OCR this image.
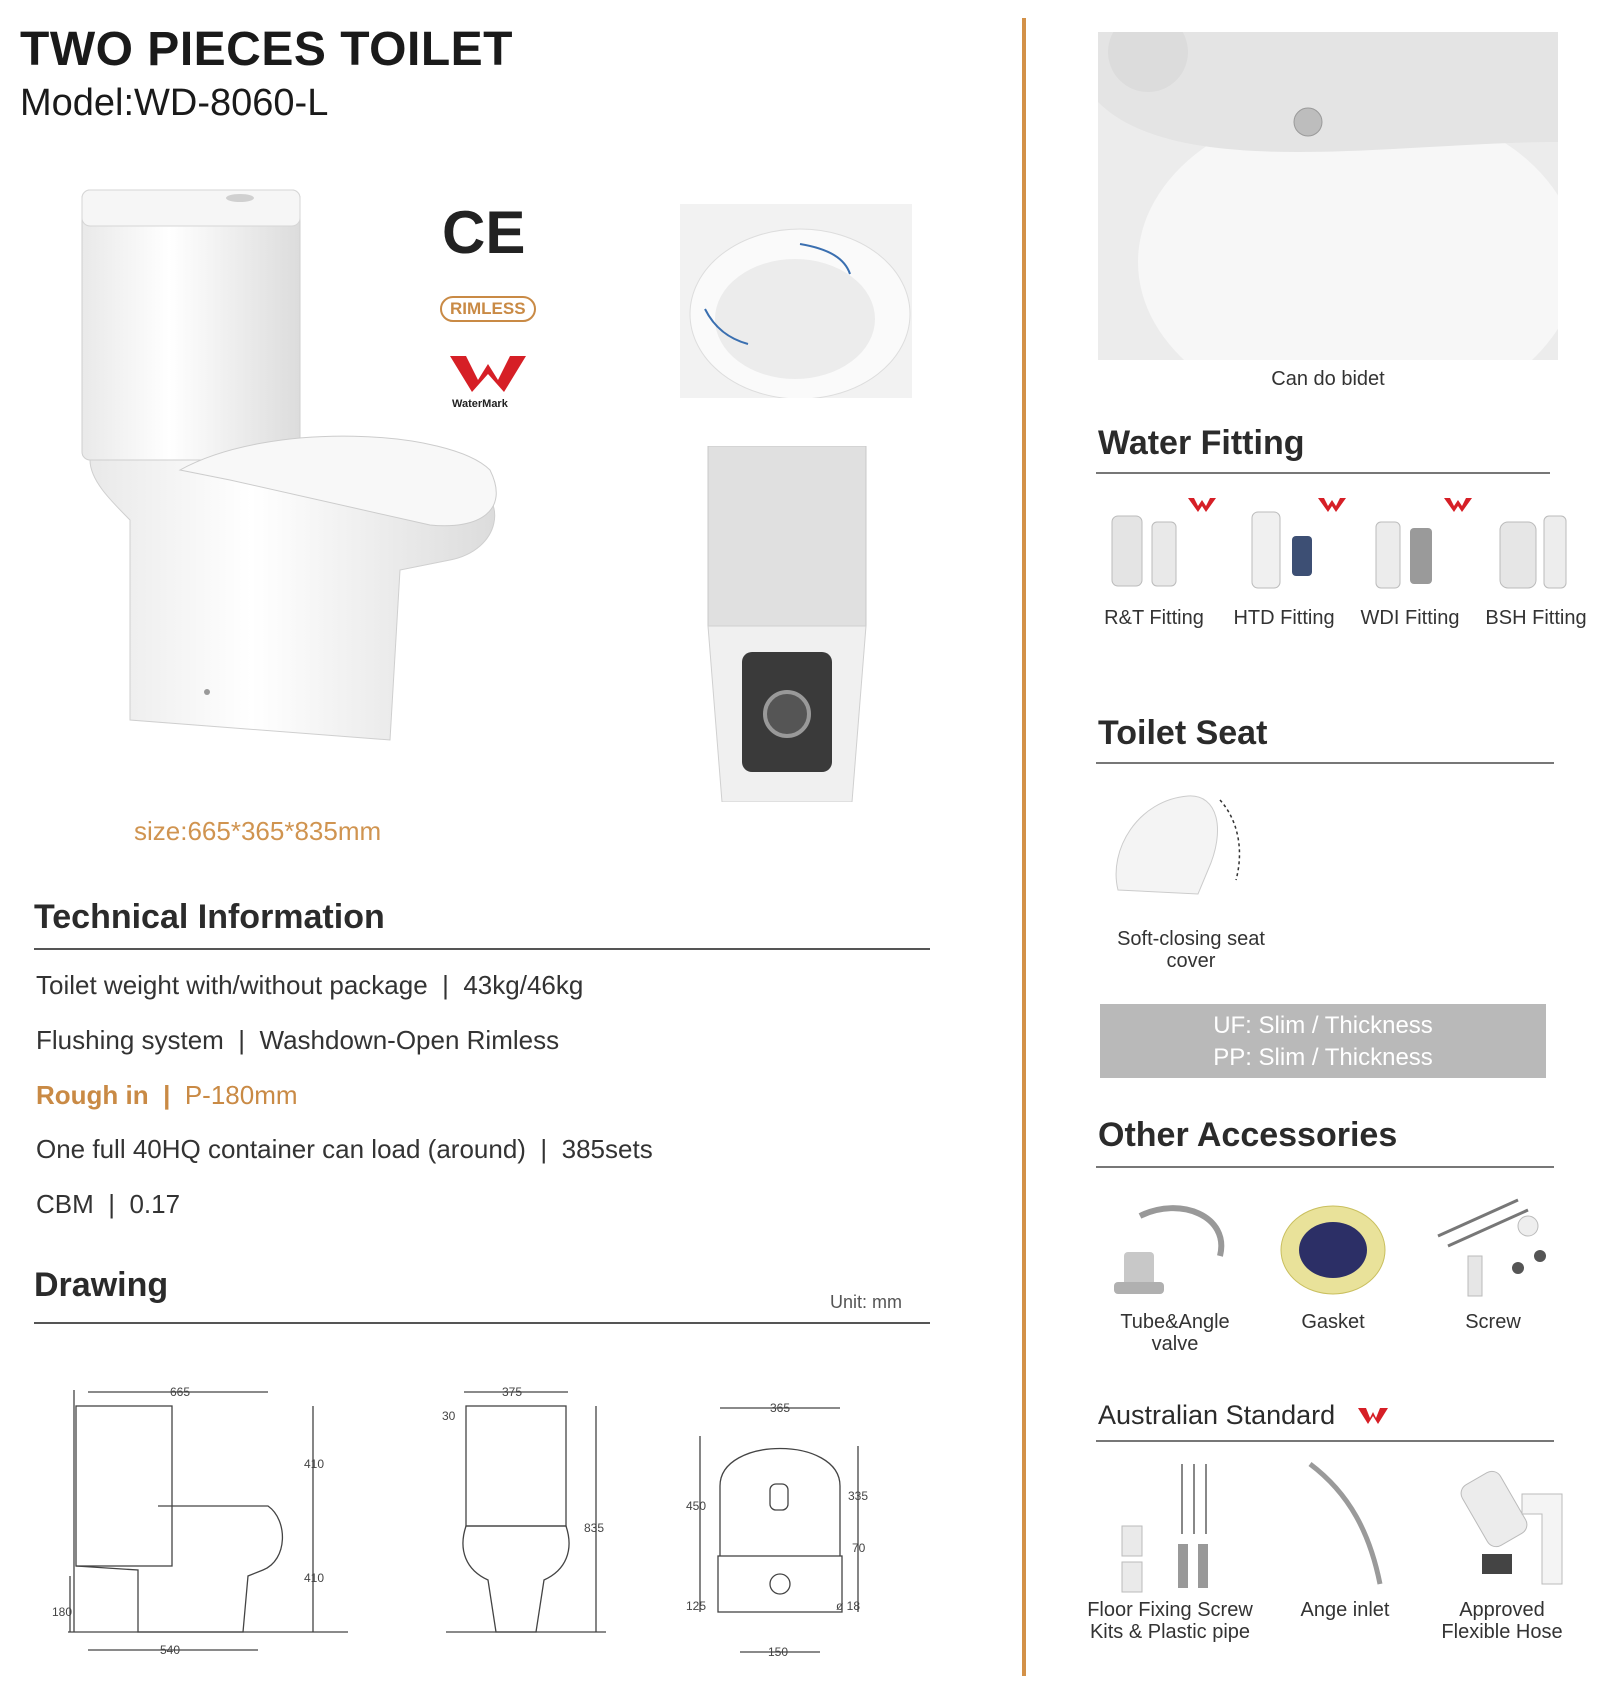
TWO PIECES TOILET
Model:WD-8060-L
CE
RIMLESS
WaterMark
size:665*365*835mm
Technical Information
Toilet weight with/without package | 43kg/46kg
Flushing system | Washdown-Open Rimless
Rough in | P-180mm
One full 40HQ container can load (around) | 385sets
CBM | 0.17
Drawing	Unit: mm
665
410
410
540
180
375
30
835
365
450
335
70
125	ø 18
150
Can do bidet
Water Fitting
R&T Fitting	HTD Fitting	WDI Fitting	BSH Fitting
Toilet Seat
Soft-closing seat
cover
UF: Slim / Thickness
PP: Slim / Thickness
Other Accessories
Tube&Angle
valve
Gasket	Screw
Australian Standard
Floor Fixing Screw
Kits & Plastic pipe
Ange inlet	Approved
Flexible Hose
